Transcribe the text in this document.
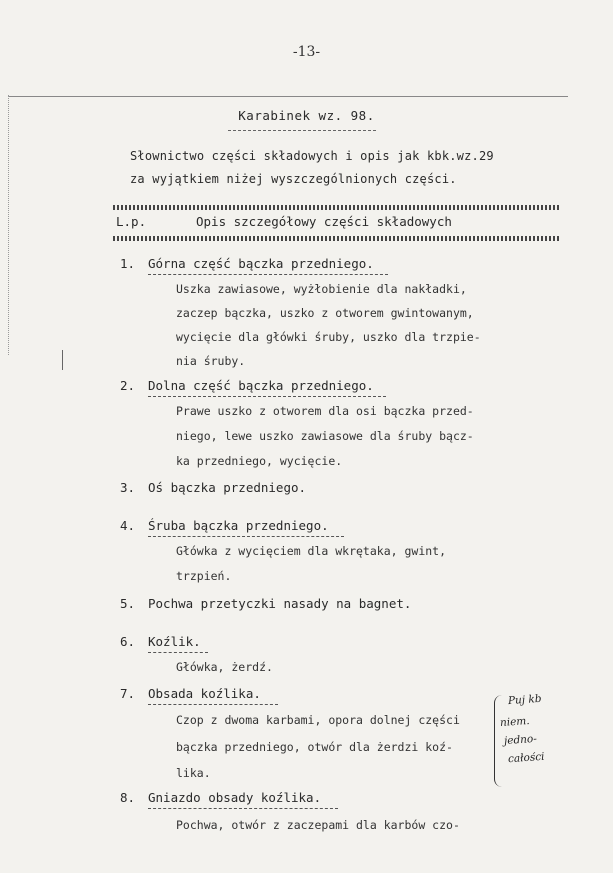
-13-
Karabinek wz. 98.
Słownictwo części składowych i opis jak kbk.wz.29
za wyjątkiem niżej wyszczególnionych części.
L.p.	Opis szczegółowy części składowych
1. Górna część bączka przedniego.
Uszka zawiasowe, wyżłobienie dla nakładki,
zaczep bączka, uszko z otworem gwintowanym,
wycięcie dla główki śruby, uszko dla trzpie-
nia śruby.
2. Dolna część bączka przedniego.
Prawe uszko z otworem dla osi bączka przed-
niego, lewe uszko zawiasowe dla śruby bącz-
ka przedniego, wycięcie.
3. Oś bączka przedniego.
4. Śruba bączka przedniego.
Główka z wycięciem dla wkrętaka, gwint,
trzpień.
5. Pochwa przetyczki nasady na bagnet.
6. Koźlik.
Główka, żerdź.
7. Obsada koźlika.
Czop z dwoma karbami, opora dolnej części
bączka przedniego, otwór dla żerdzi koź-
lika.
8. Gniazdo obsady koźlika.
Pochwa, otwór z zaczepami dla karbów czo-
Puj kb
niem.
jedno-
całości
